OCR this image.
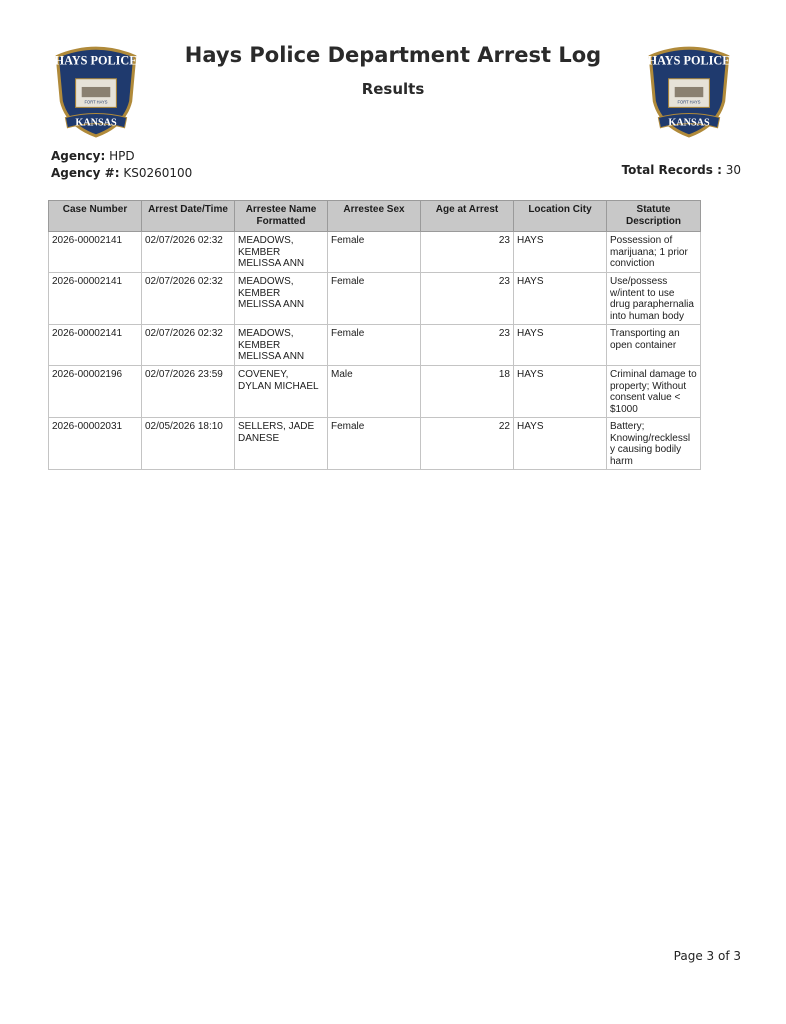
HAYS POLICE
FORT HAYS
KANSAS
HAYS POLICE
FORT HAYS
KANSAS
Hays Police Department Arrest Log
Results
Agency: HPD
Agency #: KS0260100	Total Records : 30
Case Number	Arrest Date/Time	Arrestee Name Formatted	Arrestee Sex	Age at Arrest	Location City	Statute Description
2026-00002141	02/07/2026 02:32	MEADOWS, KEMBER MELISSA ANN	Female	23	HAYS	Possession of marijuana; 1 prior conviction
2026-00002141	02/07/2026 02:32	MEADOWS, KEMBER MELISSA ANN	Female	23	HAYS	Use/possess w/intent to use drug paraphernalia into human body
2026-00002141	02/07/2026 02:32	MEADOWS, KEMBER MELISSA ANN	Female	23	HAYS	Transporting an open container
2026-00002196	02/07/2026 23:59	COVENEY, DYLAN MICHAEL	Male	18	HAYS	Criminal damage to property; Without consent value < $1000
2026-00002031	02/05/2026 18:10	SELLERS, JADE DANESE	Female	22	HAYS	Battery; Knowing/recklessl y causing bodily harm
Page 3 of 3
